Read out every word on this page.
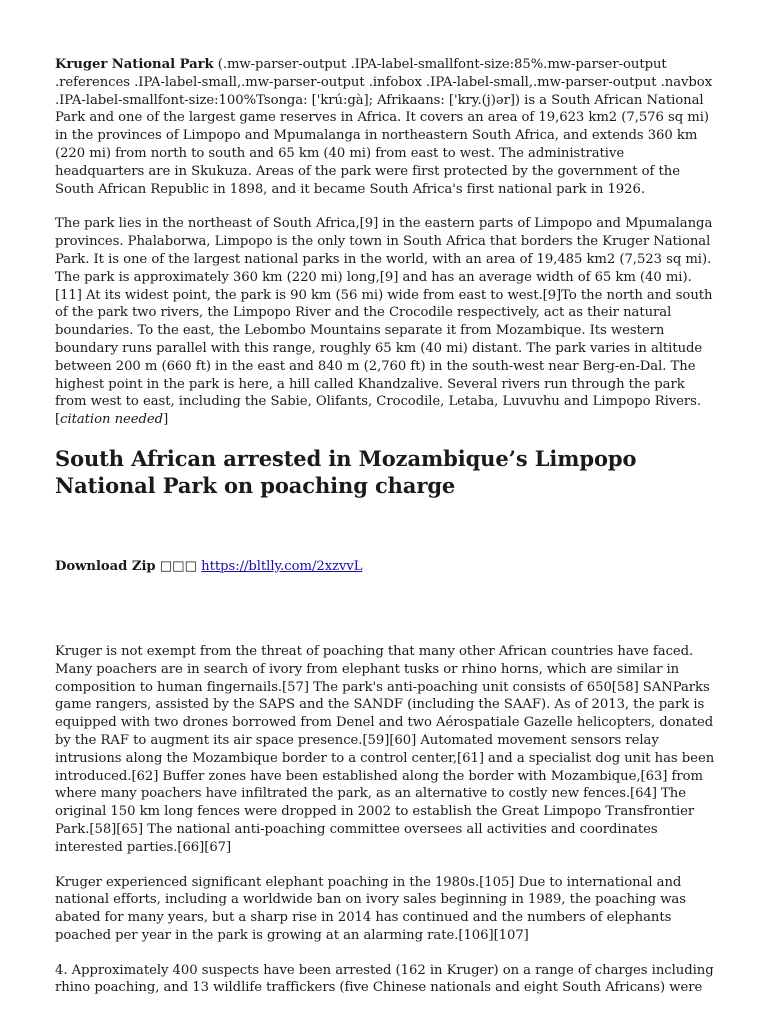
Kruger National Park (.mw-parser-output .IPA-label-smallfont-size:85%.mw-parser-output .references .IPA-label-small,.mw-parser-output .infobox .IPA-label-small,.mw-parser-output .navbox .IPA-label-smallfont-size:100%Tsonga: ['krú:gà]; Afrikaans: ['kry.(j)ər]) is a South African National Park and one of the largest game reserves in Africa. It covers an area of 19,623 km2 (7,576 sq mi) in the provinces of Limpopo and Mpumalanga in northeastern South Africa, and extends 360 km (220 mi) from north to south and 65 km (40 mi) from east to west. The administrative headquarters are in Skukuza. Areas of the park were first protected by the government of the South African Republic in 1898, and it became South Africa's first national park in 1926.

The park lies in the northeast of South Africa,[9] in the eastern parts of Limpopo and Mpumalanga provinces. Phalaborwa, Limpopo is the only town in South Africa that borders the Kruger National Park. It is one of the largest national parks in the world, with an area of 19,485 km2 (7,523 sq mi). The park is approximately 360 km (220 mi) long,[9] and has an average width of 65 km (40 mi).[11] At its widest point, the park is 90 km (56 mi) wide from east to west.[9]To the north and south of the park two rivers, the Limpopo River and the Crocodile respectively, act as their natural boundaries. To the east, the Lebombo Mountains separate it from Mozambique. Its western boundary runs parallel with this range, roughly 65 km (40 mi) distant. The park varies in altitude between 200 m (660 ft) in the east and 840 m (2,760 ft) in the south-west near Berg-en-Dal. The highest point in the park is here, a hill called Khandzalive. Several rivers run through the park from west to east, including the Sabie, Olifants, Crocodile, Letaba, Luvuvhu and Limpopo Rivers.[citation needed]

South African arrested in Mozambique’s Limpopo National Park on poaching charge

Download Zip □□□ https://bltlly.com/2xzvvL

Kruger is not exempt from the threat of poaching that many other African countries have faced. Many poachers are in search of ivory from elephant tusks or rhino horns, which are similar in composition to human fingernails.[57] The park's anti-poaching unit consists of 650[58] SANParks game rangers, assisted by the SAPS and the SANDF (including the SAAF). As of 2013, the park is equipped with two drones borrowed from Denel and two Aérospatiale Gazelle helicopters, donated by the RAF to augment its air space presence.[59][60] Automated movement sensors relay intrusions along the Mozambique border to a control center,[61] and a specialist dog unit has been introduced.[62] Buffer zones have been established along the border with Mozambique,[63] from where many poachers have infiltrated the park, as an alternative to costly new fences.[64] The original 150 km long fences were dropped in 2002 to establish the Great Limpopo Transfrontier Park.[58][65] The national anti-poaching committee oversees all activities and coordinates interested parties.[66][67]

Kruger experienced significant elephant poaching in the 1980s.[105] Due to international and national efforts, including a worldwide ban on ivory sales beginning in 1989, the poaching was abated for many years, but a sharp rise in 2014 has continued and the numbers of elephants poached per year in the park is growing at an alarming rate.[106][107]

4. Approximately 400 suspects have been arrested (162 in Kruger) on a range of charges including rhino poaching, and 13 wildlife traffickers (five Chinese nationals and eight South Africans) were
